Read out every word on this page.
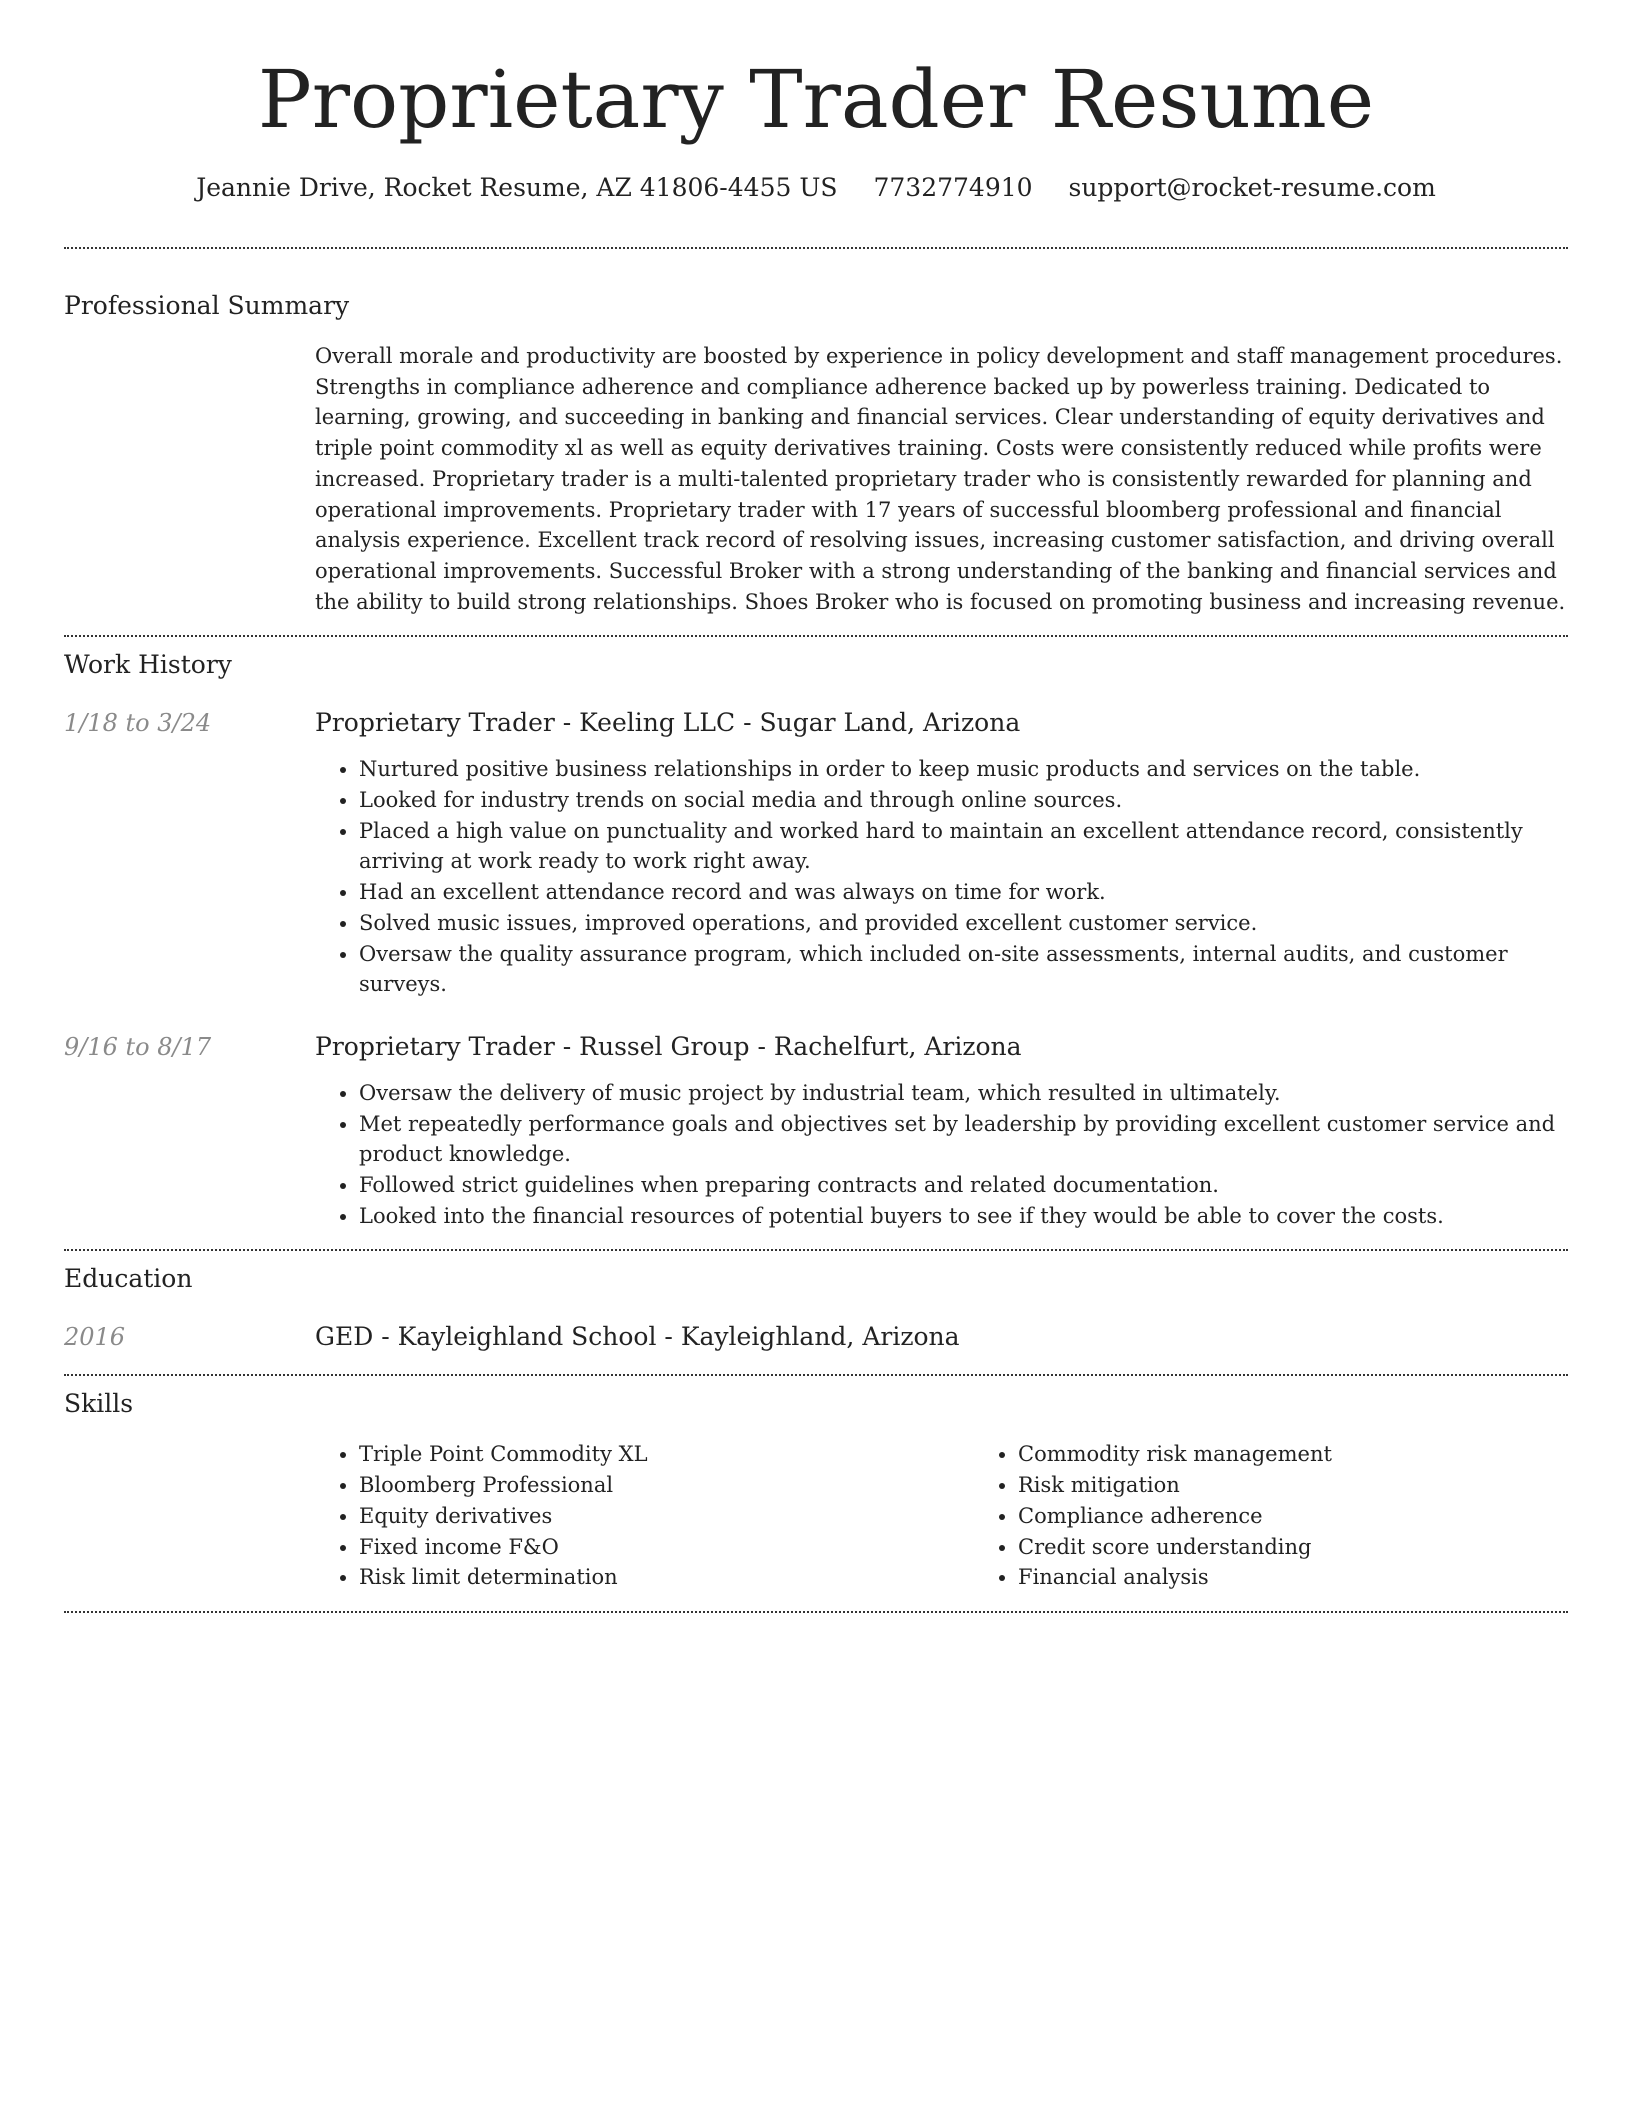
Proprietary Trader Resume
Jeannie Drive, Rocket Resume, AZ 41806-4455 US 7732774910 support@rocket-resume.com
Professional Summary
Overall morale and productivity are boosted by experience in policy development and staff management procedures. Strengths in compliance adherence and compliance adherence backed up by powerless training. Dedicated to learning, growing, and succeeding in banking and financial services. Clear understanding of equity derivatives and triple point commodity xl as well as equity derivatives training. Costs were consistently reduced while profits were increased. Proprietary trader is a multi-talented proprietary trader who is consistently rewarded for planning and operational improvements. Proprietary trader with 17 years of successful bloomberg professional and financial analysis experience. Excellent track record of resolving issues, increasing customer satisfaction, and driving overall operational improvements. Successful Broker with a strong understanding of the banking and financial services and the ability to build strong relationships. Shoes Broker who is focused on promoting business and increasing revenue.
Work History
1/18 to 3/24	Proprietary Trader - Keeling LLC - Sugar Land, Arizona
• Nurtured positive business relationships in order to keep music products and services on the table.
• Looked for industry trends on social media and through online sources.
• Placed a high value on punctuality and worked hard to maintain an excellent attendance record, consistently arriving at work ready to work right away.
• Had an excellent attendance record and was always on time for work.
• Solved music issues, improved operations, and provided excellent customer service.
• Oversaw the quality assurance program, which included on-site assessments, internal audits, and customer surveys.
9/16 to 8/17	Proprietary Trader - Russel Group - Rachelfurt, Arizona
• Oversaw the delivery of music project by industrial team, which resulted in ultimately.
• Met repeatedly performance goals and objectives set by leadership by providing excellent customer service and product knowledge.
• Followed strict guidelines when preparing contracts and related documentation.
• Looked into the financial resources of potential buyers to see if they would be able to cover the costs.
Education
2016	GED - Kayleighland School - Kayleighland, Arizona
Skills
• Triple Point Commodity XL
• Bloomberg Professional
• Equity derivatives
• Fixed income F&O
• Risk limit determination
• Commodity risk management
• Risk mitigation
• Compliance adherence
• Credit score understanding
• Financial analysis
